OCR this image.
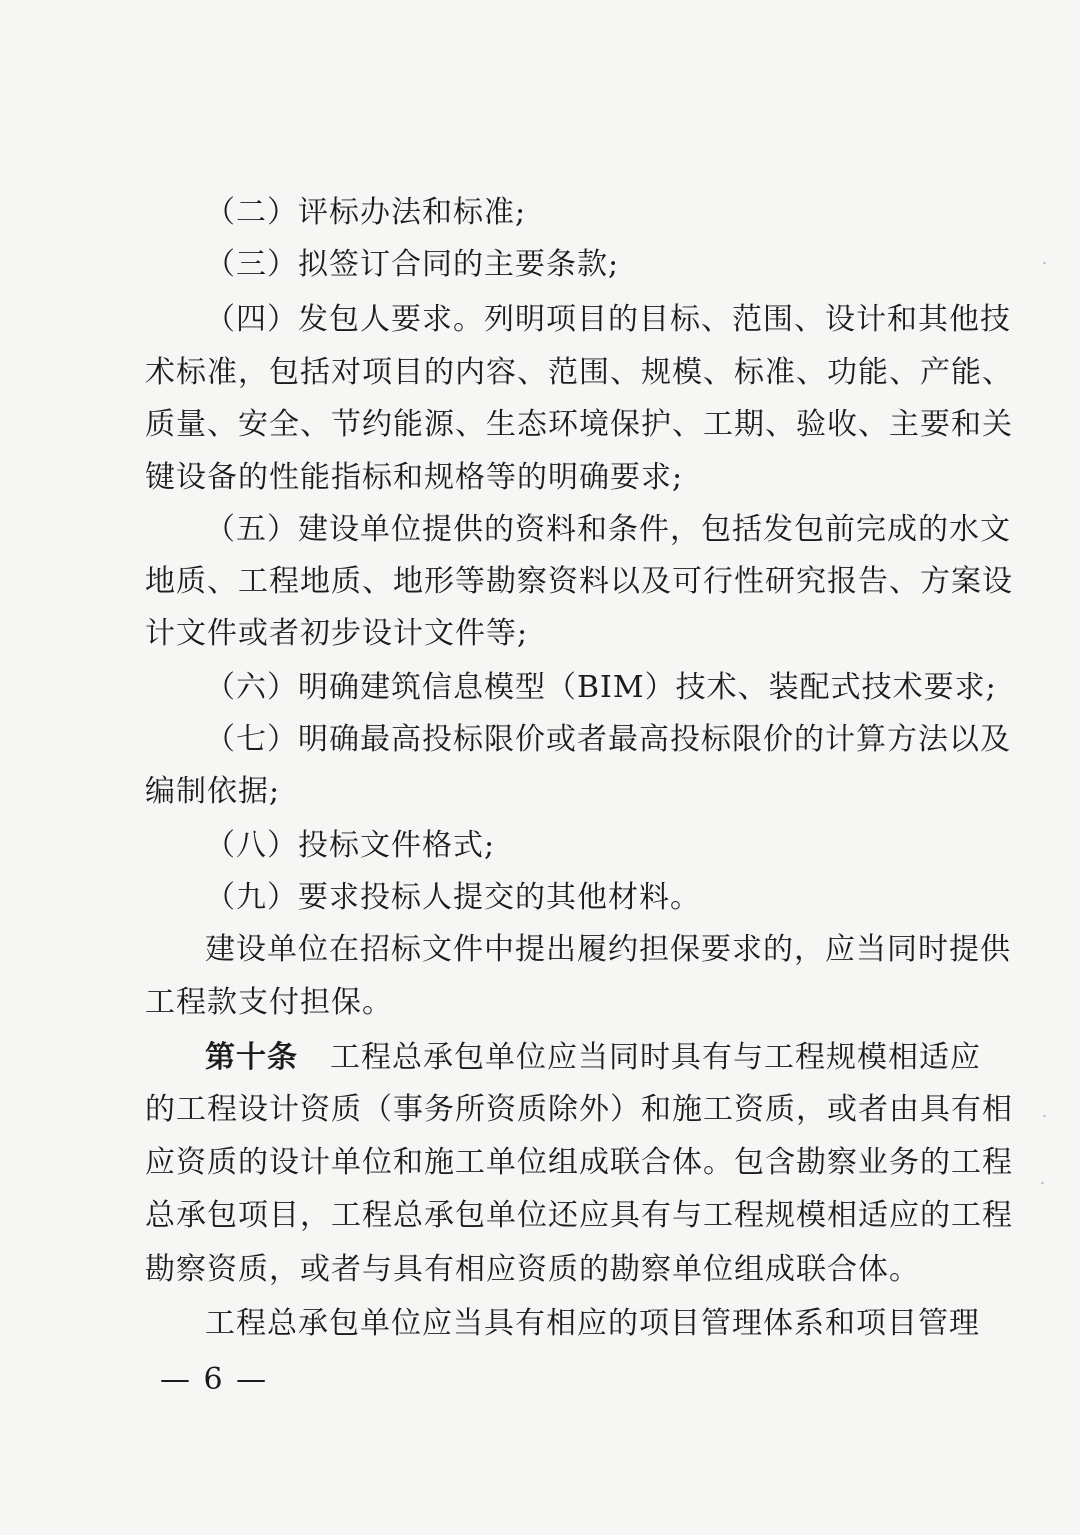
（二）评标办法和标准;
（三）拟签订合同的主要条款;
（四）发包人要求。列明项目的目标、范围、设计和其他技
术标准，包括对项目的内容、范围、规模、标准、功能、产能、
质量、安全、节约能源、生态环境保护、工期、验收、主要和关
键设备的性能指标和规格等的明确要求;
（五）建设单位提供的资料和条件，包括发包前完成的水文
地质、工程地质、地形等勘察资料以及可行性研究报告、方案设
计文件或者初步设计文件等;
（六）明确建筑信息模型（BIM）技术、装配式技术要求;
（七）明确最高投标限价或者最高投标限价的计算方法以及
编制依据;
（八）投标文件格式;
（九）要求投标人提交的其他材料。
建设单位在招标文件中提出履约担保要求的，应当同时提供
工程款支付担保。
第十条 工程总承包单位应当同时具有与工程规模相适应
的工程设计资质（事务所资质除外）和施工资质，或者由具有相
应资质的设计单位和施工单位组成联合体。包含勘察业务的工程
总承包项目，工程总承包单位还应具有与工程规模相适应的工程
勘察资质，或者与具有相应资质的勘察单位组成联合体。
工程总承包单位应当具有相应的项目管理体系和项目管理
— 6 —
